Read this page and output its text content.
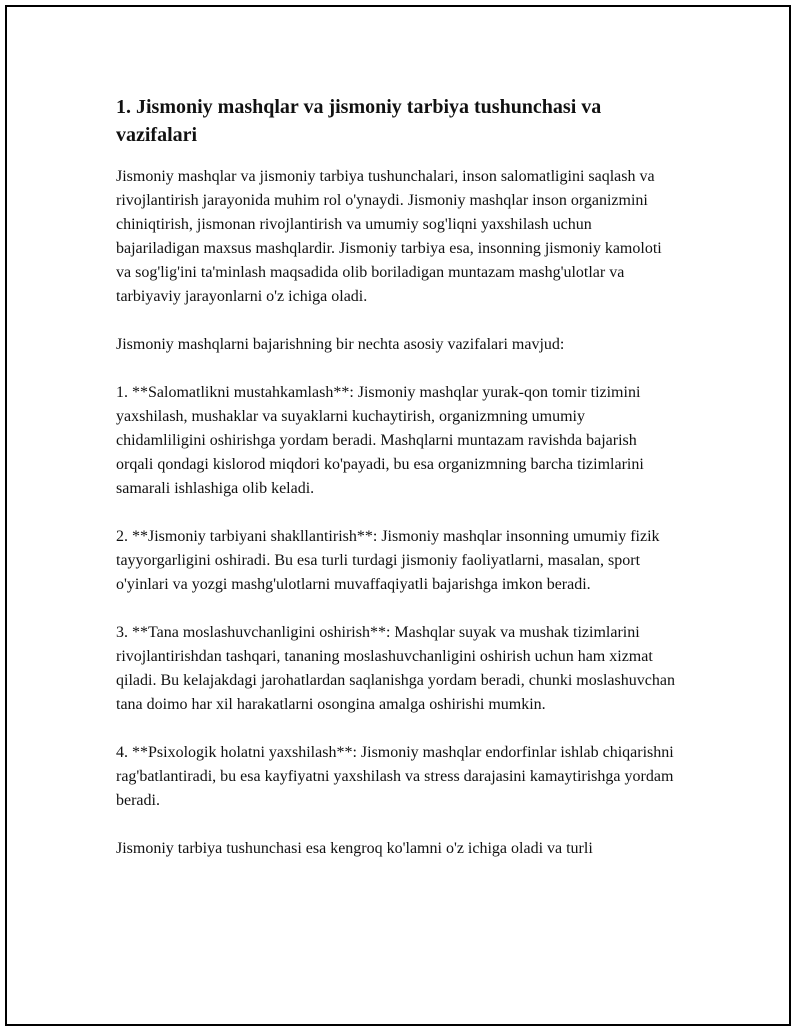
1. Jismoniy mashqlar va jismoniy tarbiya tushunchasi va vazifalari

Jismoniy mashqlar va jismoniy tarbiya tushunchalari, inson salomatligini saqlash va rivojlantirish jarayonida muhim rol o'ynaydi. Jismoniy mashqlar inson organizmini chiniqtirish, jismonan rivojlantirish va umumiy sog'liqni yaxshilash uchun bajariladigan maxsus mashqlardir. Jismoniy tarbiya esa, insonning jismoniy kamoloti va sog'lig'ini ta'minlash maqsadida olib boriladigan muntazam mashg'ulotlar va tarbiyaviy jarayonlarni o'z ichiga oladi.

Jismoniy mashqlarni bajarishning bir nechta asosiy vazifalari mavjud:

1. **Salomatlikni mustahkamlash**: Jismoniy mashqlar yurak-qon tomir tizimini yaxshilash, mushaklar va suyaklarni kuchaytirish, organizmning umumiy chidamliligini oshirishga yordam beradi. Mashqlarni muntazam ravishda bajarish orqali qondagi kislorod miqdori ko'payadi, bu esa organizmning barcha tizimlarini samarali ishlashiga olib keladi.

2. **Jismoniy tarbiyani shakllantirish**: Jismoniy mashqlar insonning umumiy fizik tayyorgarligini oshiradi. Bu esa turli turdagi jismoniy faoliyatlarni, masalan, sport o'yinlari va yozgi mashg'ulotlarni muvaffaqiyatli bajarishga imkon beradi.

3. **Tana moslashuvchanligini oshirish**: Mashqlar suyak va mushak tizimlarini rivojlantirishdan tashqari, tananing moslashuvchanligini oshirish uchun ham xizmat qiladi. Bu kelajakdagi jarohatlardan saqlanishga yordam beradi, chunki moslashuvchan tana doimo har xil harakatlarni osongina amalga oshirishi mumkin.

4. **Psixologik holatni yaxshilash**: Jismoniy mashqlar endorfinlar ishlab chiqarishni rag'batlantiradi, bu esa kayfiyatni yaxshilash va stress darajasini kamaytirishga yordam beradi.

Jismoniy tarbiya tushunchasi esa kengroq ko'lamni o'z ichiga oladi va turli
